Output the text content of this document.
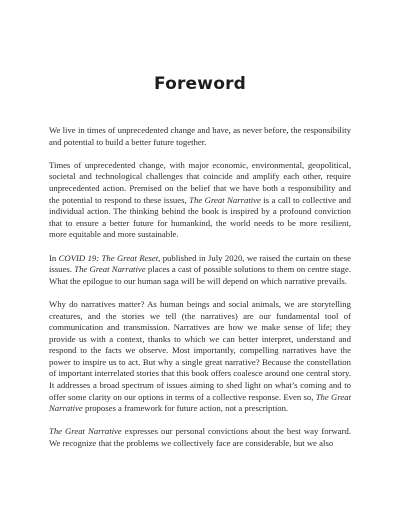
Foreword

We live in times of unprecedented change and have, as never before, the responsibility and potential to build a better future together.

Times of unprecedented change, with major economic, environmental, geopolitical, societal and technological challenges that coincide and amplify each other, require unprecedented action. Premised on the belief that we have both a responsibility and the potential to respond to these issues, The Great Narrative is a call to collective and individual action. The thinking behind the book is inspired by a profound conviction that to ensure a better future for humankind, the world needs to be more resilient, more equitable and more sustainable.

In COVID 19: The Great Reset, published in July 2020, we raised the curtain on these issues. The Great Narrative places a cast of possible solutions to them on centre stage. What the epilogue to our human saga will be will depend on which narrative prevails.

Why do narratives matter? As human beings and social animals, we are storytelling creatures, and the stories we tell (the narratives) are our fundamental tool of communication and transmission. Narratives are how we make sense of life; they provide us with a context, thanks to which we can better interpret, understand and respond to the facts we observe. Most importantly, compelling narratives have the power to inspire us to act. But why a single great narrative? Because the constellation of important interrelated stories that this book offers coalesce around one central story. It addresses a broad spectrum of issues aiming to shed light on what’s coming and to offer some clarity on our options in terms of a collective response. Even so, The Great Narrative proposes a framework for future action, not a prescription.

The Great Narrative expresses our personal convictions about the best way forward. We recognize that the problems we collectively face are considerable, but we also
